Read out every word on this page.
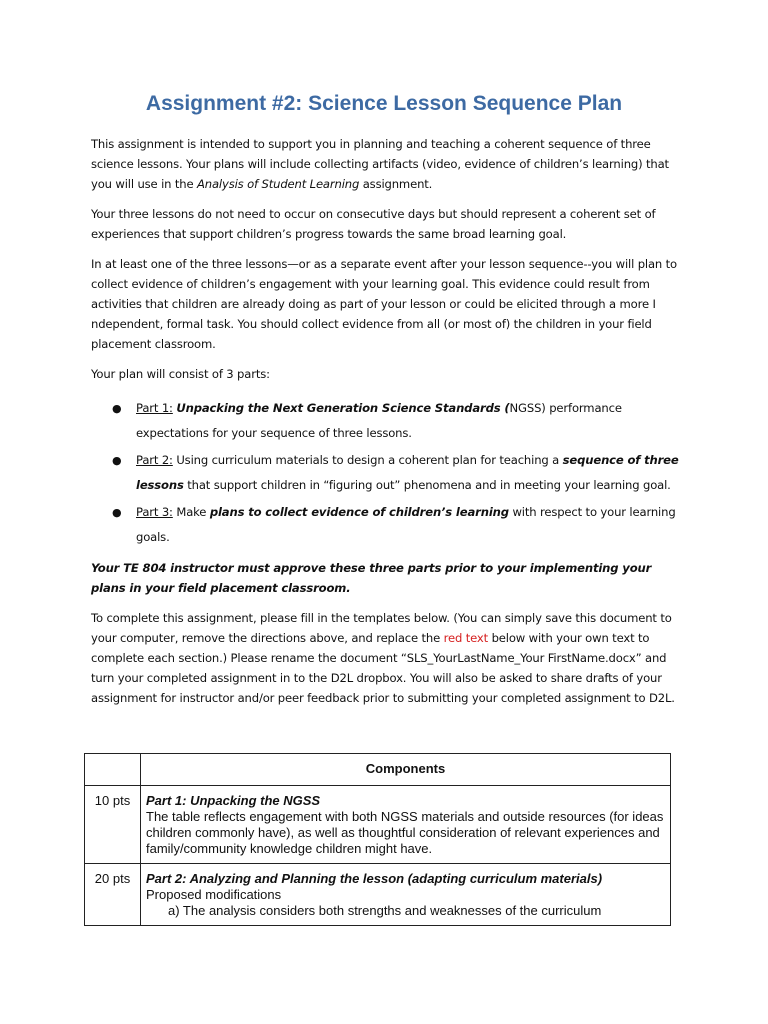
Assignment #2: Science Lesson Sequence Plan

This assignment is intended to support you in planning and teaching a coherent sequence of three science lessons. Your plans will include collecting artifacts (video, evidence of children’s learning) that you will use in the Analysis of Student Learning assignment.

Your three lessons do not need to occur on consecutive days but should represent a coherent set of experiences that support children’s progress towards the same broad learning goal.

In at least one of the three lessons—or as a separate event after your lesson sequence--you will plan to collect evidence of children’s engagement with your learning goal. This evidence could result from activities that children are already doing as part of your lesson or could be elicited through a more I ndependent, formal task. You should collect evidence from all (or most of) the children in your field placement classroom.

Your plan will consist of 3 parts:

● Part 1: Unpacking the Next Generation Science Standards (NGSS) performance expectations for your sequence of three lessons.
● Part 2: Using curriculum materials to design a coherent plan for teaching a sequence of three lessons that support children in “figuring out” phenomena and in meeting your learning goal.
● Part 3: Make plans to collect evidence of children’s learning with respect to your learning goals.

Your TE 804 instructor must approve these three parts prior to your implementing your plans in your field placement classroom.

To complete this assignment, please fill in the templates below. (You can simply save this document to your computer, remove the directions above, and replace the red text below with your own text to complete each section.) Please rename the document “SLS_YourLastName_Your FirstName.docx” and turn your completed assignment in to the D2L dropbox. You will also be asked to share drafts of your assignment for instructor and/or peer feedback prior to submitting your completed assignment to D2L.

	Components
10 pts	Part 1: Unpacking the NGSS
The table reflects engagement with both NGSS materials and outside resources (for ideas children commonly have), as well as thoughtful consideration of relevant experiences and family/community knowledge children might have.
20 pts	Part 2: Analyzing and Planning the lesson (adapting curriculum materials)
Proposed modifications
a) The analysis considers both strengths and weaknesses of the curriculum
